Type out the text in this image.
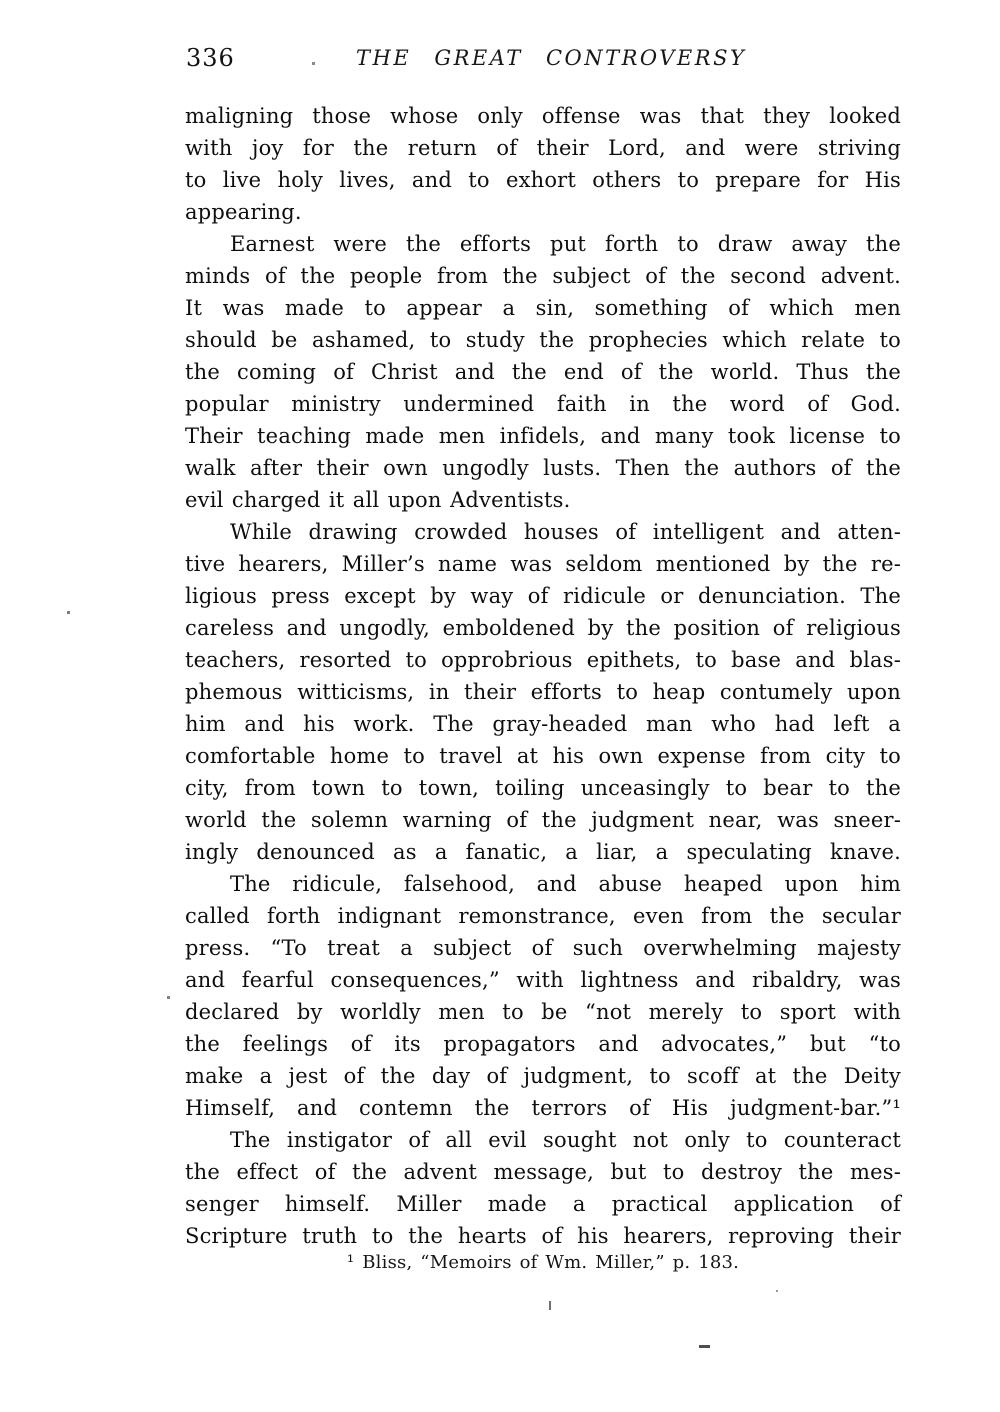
336	THE GREAT CONTROVERSY
maligning those whose only offense was that they looked
with joy for the return of their Lord, and were striving
to live holy lives, and to exhort others to prepare for His
appearing.
Earnest were the efforts put forth to draw away the
minds of the people from the subject of the second advent.
It was made to appear a sin, something of which men
should be ashamed, to study the prophecies which relate to
the coming of Christ and the end of the world. Thus the
popular ministry undermined faith in the word of God.
Their teaching made men infidels, and many took license to
walk after their own ungodly lusts. Then the authors of the
evil charged it all upon Adventists.
While drawing crowded houses of intelligent and atten-
tive hearers, Miller’s name was seldom mentioned by the re-
ligious press except by way of ridicule or denunciation. The
careless and ungodly, emboldened by the position of religious
teachers, resorted to opprobrious epithets, to base and blas-
phemous witticisms, in their efforts to heap contumely upon
him and his work. The gray-headed man who had left a
comfortable home to travel at his own expense from city to
city, from town to town, toiling unceasingly to bear to the
world the solemn warning of the judgment near, was sneer-
ingly denounced as a fanatic, a liar, a speculating knave.
The ridicule, falsehood, and abuse heaped upon him
called forth indignant remonstrance, even from the secular
press. “To treat a subject of such overwhelming majesty
and fearful consequences,” with lightness and ribaldry, was
declared by worldly men to be “not merely to sport with
the feelings of its propagators and advocates,” but “to
make a jest of the day of judgment, to scoff at the Deity
Himself, and contemn the terrors of His judgment-bar.”¹
The instigator of all evil sought not only to counteract
the effect of the advent message, but to destroy the mes-
senger himself. Miller made a practical application of
Scripture truth to the hearts of his hearers, reproving their
¹ Bliss, “Memoirs of Wm. Miller,” p. 183.
